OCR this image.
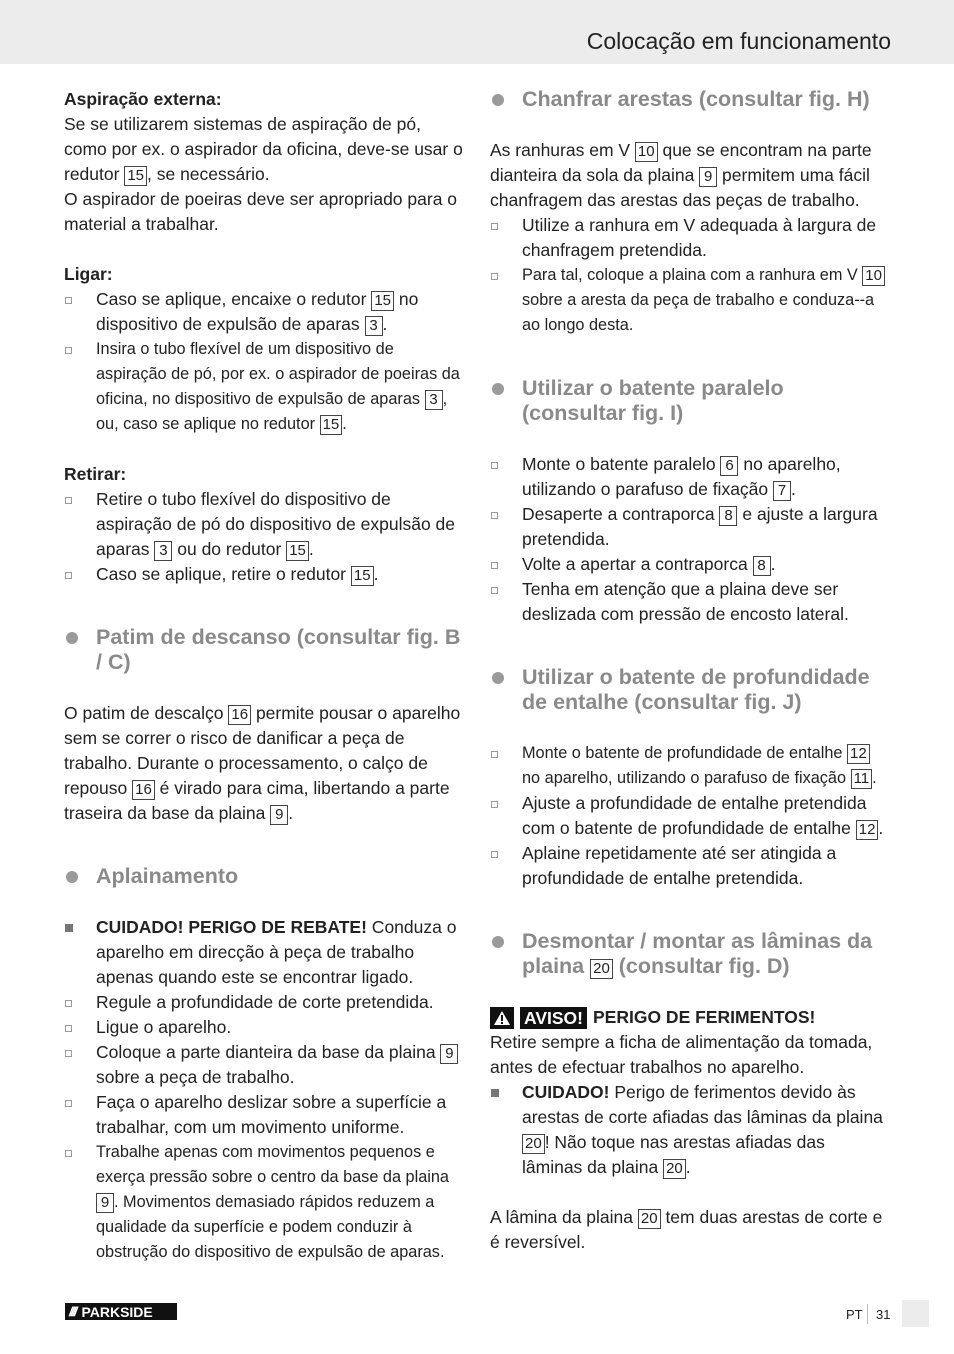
Colocação em funcionamento

Aspiração externa:

Se se utilizarem sistemas de aspiração de pó, como por ex. o aspirador da oficina, deve-se usar o redutor 15 , se necessário.

O aspirador de poeiras deve ser apropriado para o material a trabalhar.

Ligar:

Caso se aplique, encaixe o redutor 15 no dispositivo de expulsão de aparas 3 .
Insira o tubo flexível de um dispositivo de aspiração de pó, por ex. o aspirador de poeiras da oficina, no dispositivo de expulsão de aparas 3 , ou, caso se aplique no redutor 15 .

Retirar:

Retire o tubo flexível do dispositivo de aspiração de pó do dispositivo de expulsão de aparas 3 ou do redutor 15 .
Caso se aplique, retire o redutor 15 .
Patim de descanso (consultar fig. B / C)

O patim de descalço 16 permite pousar o aparelho sem se correr o risco de danificar a peça de trabalho. Durante o processamento, o calço de repouso 16 é virado para cima, libertando a parte traseira da base da plaina 9 .

Aplainamento
CUIDADO! PERIGO DE REBATE! Conduza o aparelho em direcção à peça de trabalho apenas quando este se encontrar ligado.
Regule a profundidade de corte pretendida.
Ligue o aparelho.
Coloque a parte dianteira da base da plaina 9 sobre a peça de trabalho.
Faça o aparelho deslizar sobre a superfície a trabalhar, com um movimento uniforme.
Trabalhe apenas com movimentos pequenos e exerça pressão sobre o centro da base da plaina 9 . Movimentos demasiado rápidos reduzem a qualidade da superfície e podem conduzir à obstrução do dispositivo de expulsão de aparas.
Chanfrar arestas (consultar fig. H)

As ranhuras em V 10 que se encontram na parte dianteira da sola da plaina 9 permitem uma fácil chanfragem das arestas das peças de trabalho.

Utilize a ranhura em V adequada à largura de chanfragem pretendida.
Para tal, coloque a plaina com a ranhura em V 10 sobre a aresta da peça de trabalho e conduza--a ao longo desta.
Utilizar o batente paralelo (consultar fig. I)
Monte o batente paralelo 6 no aparelho, utilizando o parafuso de fixação 7 .
Desaperte a contraporca 8 e ajuste a largura pretendida.
Volte a apertar a contraporca 8 .
Tenha em atenção que a plaina deve ser deslizada com pressão de encosto lateral.
Utilizar o batente de profundidade de entalhe (consultar fig. J)
Monte o batente de profundidade de entalhe 12 no aparelho, utilizando o parafuso de fixação 11 .
Ajuste a profundidade de entalhe pretendida com o batente de profundidade de entalhe 12 .
Aplaine repetidamente até ser atingida a profundidade de entalhe pretendida.
Desmontar / montar as lâminas da plaina 20 (consultar fig. D)
AVISO! PERIGO DE FERIMENTOS!

Retire sempre a ficha de alimentação da tomada, antes de efectuar trabalhos no aparelho.

CUIDADO! Perigo de ferimentos devido às arestas de corte afiadas das lâminas da plaina 20 ! Não toque nas arestas afiadas das lâminas da plaina 20 .

A lâmina da plaina 20 tem duas arestas de corte e é reversível.

//// PARKSIDE	PT 31
